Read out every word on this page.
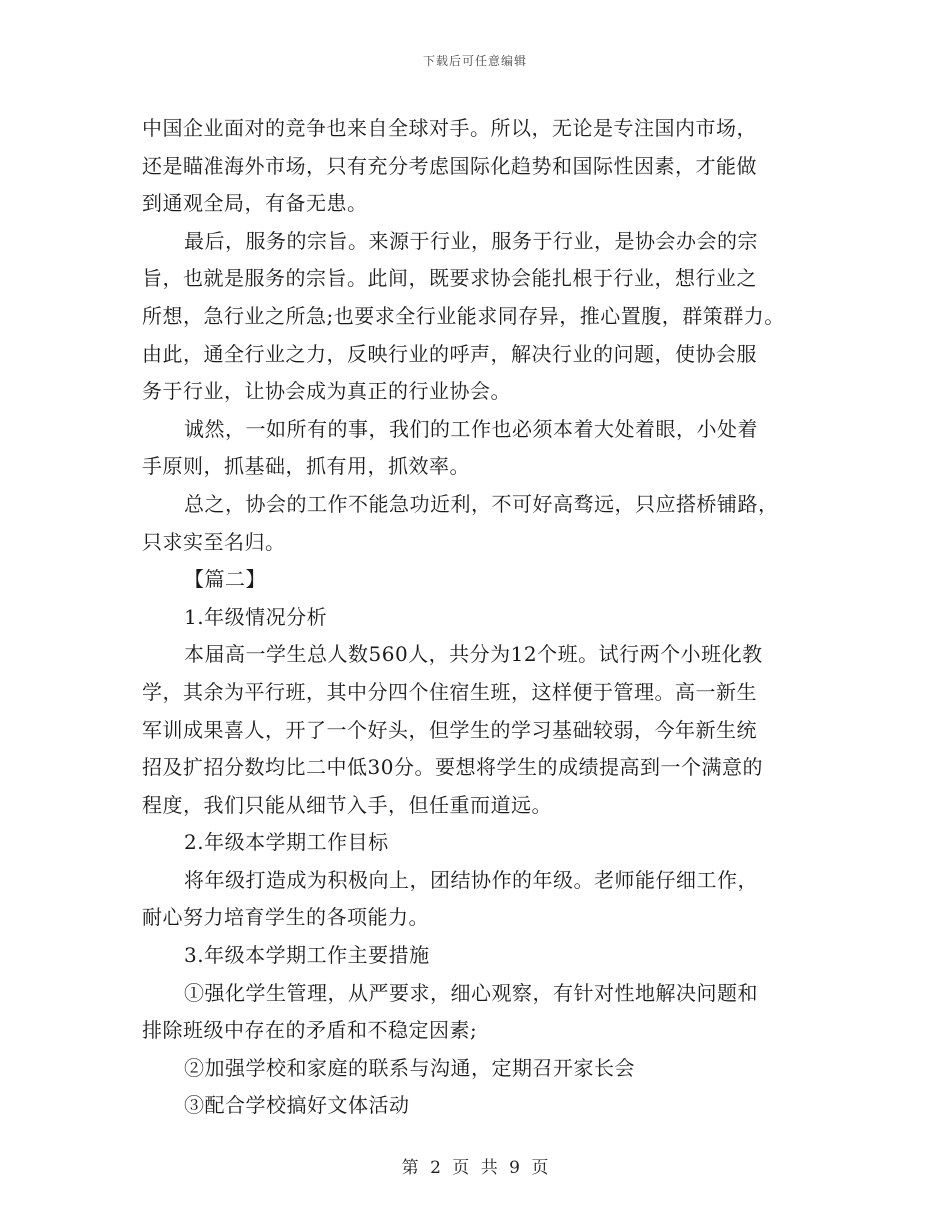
下载后可任意编辑
中国企业面对的竞争也来自全球对手。所以，无论是专注国内市场，
还是瞄准海外市场，只有充分考虑国际化趋势和国际性因素，才能做
到通观全局，有备无患。
最后，服务的宗旨。来源于行业，服务于行业，是协会办会的宗
旨，也就是服务的宗旨。此间，既要求协会能扎根于行业，想行业之
所想，急行业之所急;也要求全行业能求同存异，推心置腹，群策群力。
由此，通全行业之力，反映行业的呼声，解决行业的问题，使协会服
务于行业，让协会成为真正的行业协会。
诚然，一如所有的事，我们的工作也必须本着大处着眼，小处着
手原则，抓基础，抓有用，抓效率。
总之，协会的工作不能急功近利，不可好高骛远，只应搭桥铺路，
只求实至名归。
【篇二】
1.年级情况分析
本届高一学生总人数560人，共分为12个班。试行两个小班化教
学，其余为平行班，其中分四个住宿生班，这样便于管理。高一新生
军训成果喜人，开了一个好头，但学生的学习基础较弱，今年新生统
招及扩招分数均比二中低30分。要想将学生的成绩提高到一个满意的
程度，我们只能从细节入手，但任重而道远。
2.年级本学期工作目标
将年级打造成为积极向上，团结协作的年级。老师能仔细工作，
耐心努力培育学生的各项能力。
3.年级本学期工作主要措施
①强化学生管理，从严要求，细心观察，有针对性地解决问题和
排除班级中存在的矛盾和不稳定因素;
②加强学校和家庭的联系与沟通，定期召开家长会
③配合学校搞好文体活动
第 2 页 共 9 页
